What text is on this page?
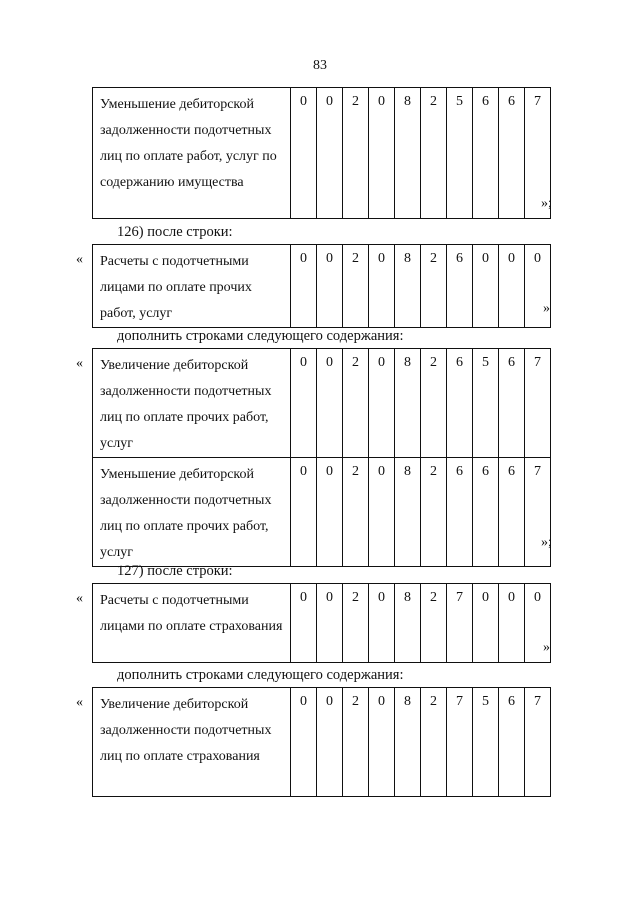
83
Уменьшение дебиторской задолженности подотчетных лиц по оплате работ, услуг по содержанию имущества	0	0	2	0	8	2	5	6	6	7
»;
126) после строки:
« Расчеты с подотчетными лицами по оплате прочих работ, услуг	0	0	2	0	8	2	6	0	0	0
»
дополнить строками следующего содержания:
« Увеличение дебиторской задолженности подотчетных лиц по оплате прочих работ, услуг	0	0	2	0	8	2	6	5	6	7
Уменьшение дебиторской задолженности подотчетных лиц по оплате прочих работ, услуг	0	0	2	0	8	2	6	6	6	7
»;
127) после строки:
« Расчеты с подотчетными лицами по оплате страхования	0	0	2	0	8	2	7	0	0	0
»
дополнить строками следующего содержания:
« Увеличение дебиторской задолженности подотчетных лиц по оплате страхования	0	0	2	0	8	2	7	5	6	7
